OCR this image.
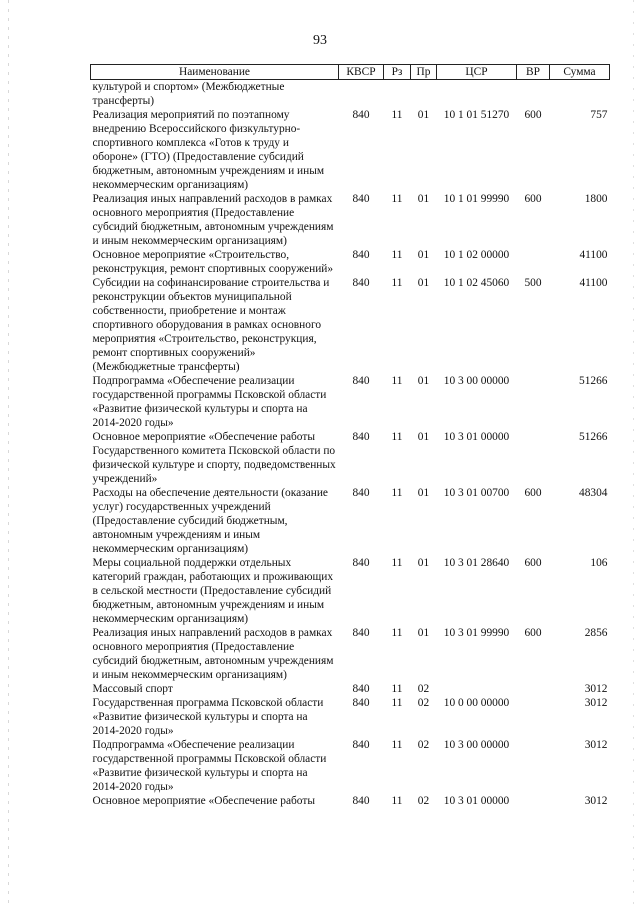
93
Наименование	КВСР	Рз	Пр	ЦСР	ВР	Сумма
культурой и спортом» (Межбюджетные трансферты)						
Реализация мероприятий по поэтапному внедрению Всероссийского физкультурно-спортивного комплекса «Готов к труду и обороне» (ГТО) (Предоставление субсидий бюджетным, автономным учреждениям и иным некоммерческим организациям)	840	11	01	10 1 01 51270	600	757
Реализация иных направлений расходов в рамках основного мероприятия (Предоставление субсидий бюджетным, автономным учреждениям и иным некоммерческим организациям)	840	11	01	10 1 01 99990	600	1800
Основное мероприятие «Строительство, реконструкция, ремонт спортивных сооружений»	840	11	01	10 1 02 00000		41100
Субсидии на софинансирование строительства и реконструкции объектов муниципальной собственности, приобретение и монтаж спортивного оборудования в рамках основного мероприятия «Строительство, реконструкция, ремонт спортивных сооружений» (Межбюджетные трансферты)	840	11	01	10 1 02 45060	500	41100
Подпрограмма «Обеспечение реализации государственной программы Псковской области «Развитие физической культуры и спорта на 2014-2020 годы»	840	11	01	10 3 00 00000		51266
Основное мероприятие «Обеспечение работы Государственного комитета Псковской области по физической культуре и спорту, подведомственных учреждений»	840	11	01	10 3 01 00000		51266
Расходы на обеспечение деятельности (оказание услуг) государственных учреждений (Предоставление субсидий бюджетным, автономным учреждениям и иным некоммерческим организациям)	840	11	01	10 3 01 00700	600	48304
Меры социальной поддержки отдельных категорий граждан, работающих и проживающих в сельской местности (Предоставление субсидий бюджетным, автономным учреждениям и иным некоммерческим организациям)	840	11	01	10 3 01 28640	600	106
Реализация иных направлений расходов в рамках основного мероприятия (Предоставление субсидий бюджетным, автономным учреждениям и иным некоммерческим организациям)	840	11	01	10 3 01 99990	600	2856
Массовый спорт	840	11	02			3012
Государственная программа Псковской области «Развитие физической культуры и спорта на 2014-2020 годы»	840	11	02	10 0 00 00000		3012
Подпрограмма «Обеспечение реализации государственной программы Псковской области «Развитие физической культуры и спорта на 2014-2020 годы»	840	11	02	10 3 00 00000		3012
Основное мероприятие «Обеспечение работы	840	11	02	10 3 01 00000		3012
